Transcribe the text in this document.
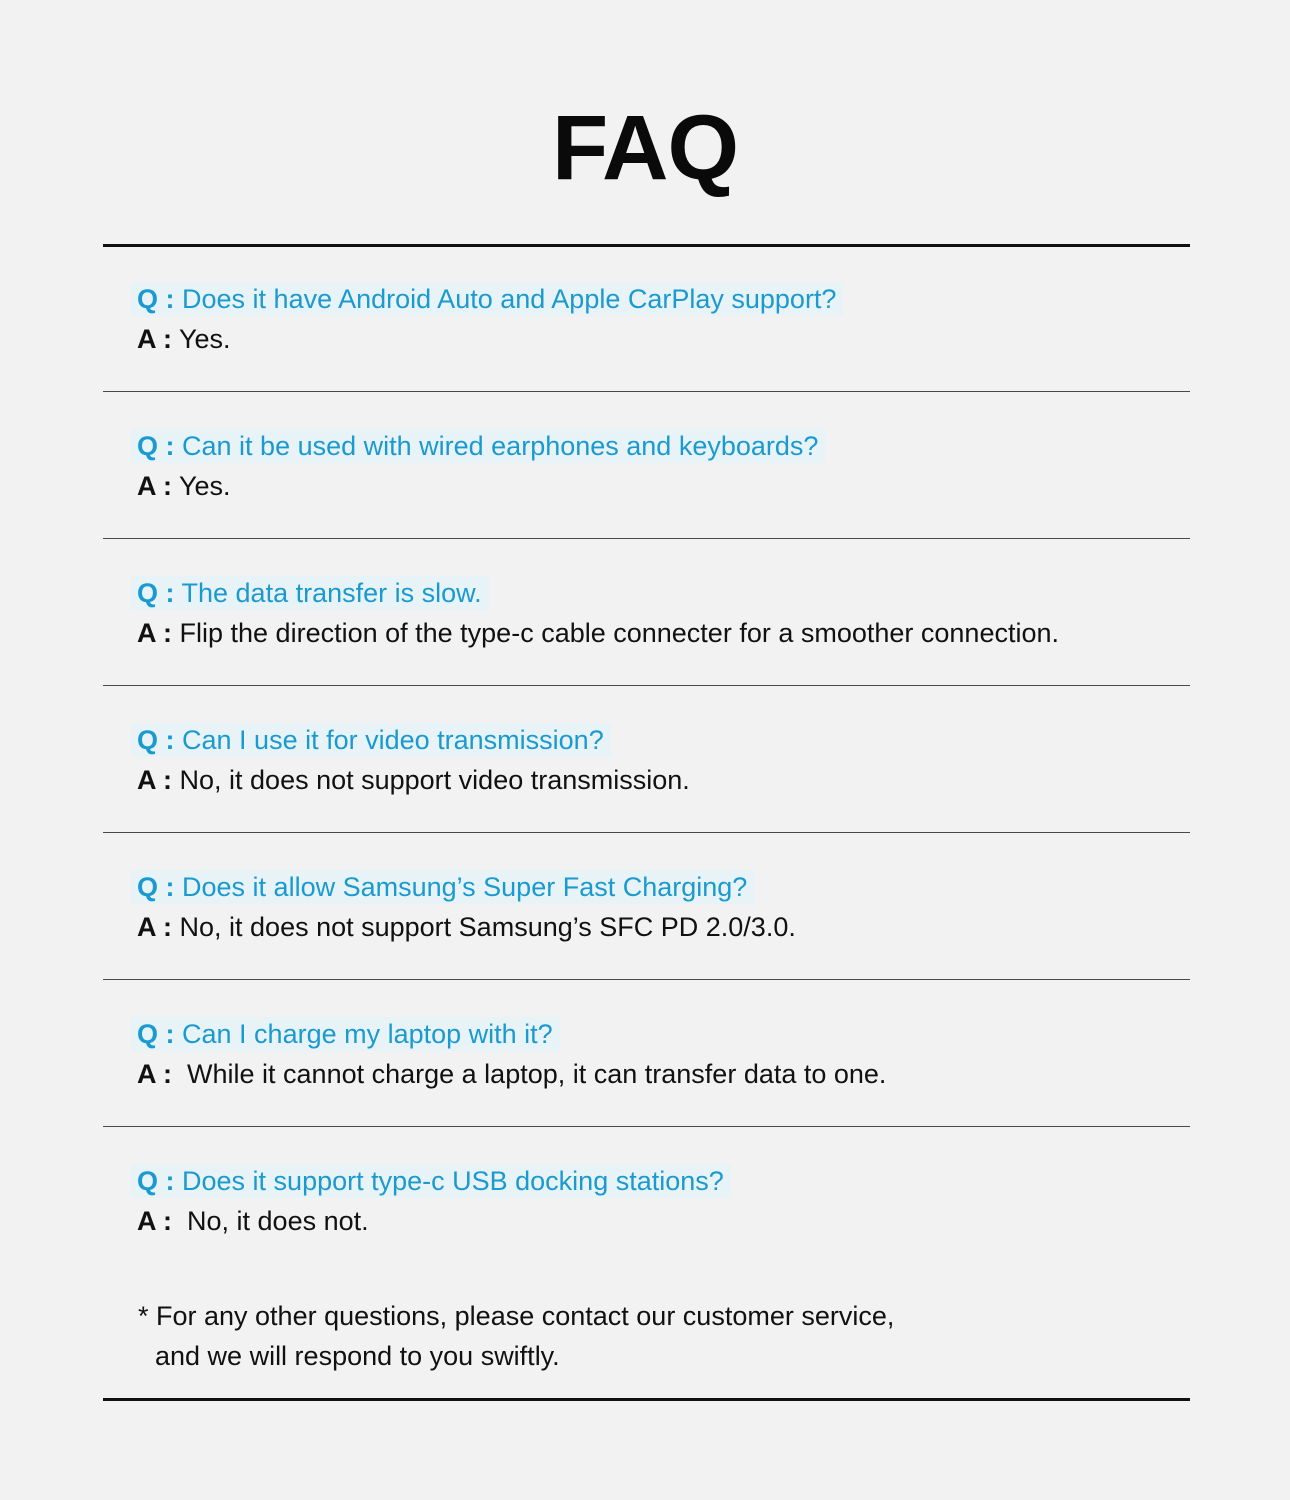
FAQ
Q : Does it have Android Auto and Apple CarPlay support?
A : Yes.
Q : Can it be used with wired earphones and keyboards?
A : Yes.
Q : The data transfer is slow.
A : Flip the direction of the type-c cable connecter for a smoother connection.
Q : Can I use it for video transmission?
A : No, it does not support video transmission.
Q : Does it allow Samsung’s Super Fast Charging?
A : No, it does not support Samsung’s SFC PD 2.0/3.0.
Q : Can I charge my laptop with it?
A :  While it cannot charge a laptop, it can transfer data to one.
Q : Does it support type-c USB docking stations?
A :  No, it does not.
* For any other questions, please contact our customer service,
and we will respond to you swiftly.
